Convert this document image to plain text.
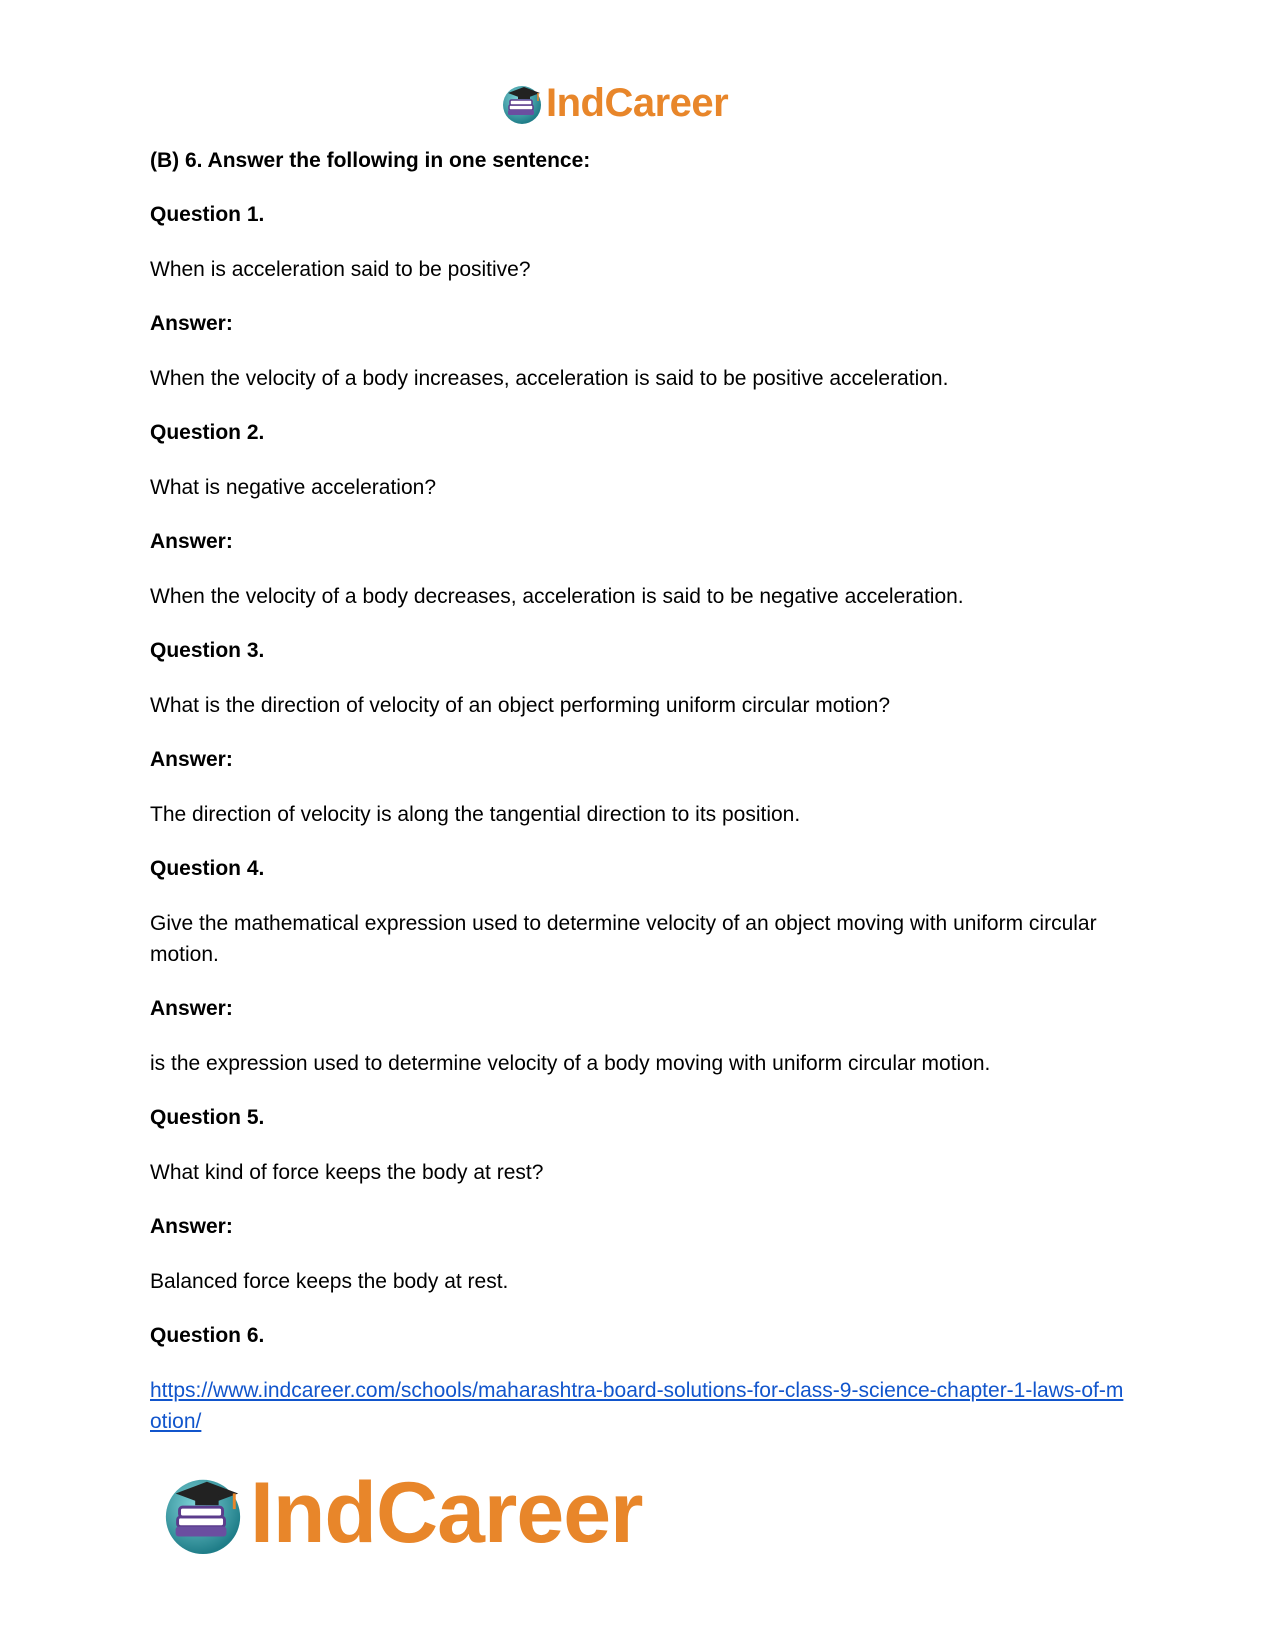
IndCareer

(B) 6. Answer the following in one sentence:

Question 1.

When is acceleration said to be positive?

Answer:

When the velocity of a body increases, acceleration is said to be positive acceleration.

Question 2.

What is negative acceleration?

Answer:

When the velocity of a body decreases, acceleration is said to be negative acceleration.

Question 3.

What is the direction of velocity of an object performing uniform circular motion?

Answer:

The direction of velocity is along the tangential direction to its position.

Question 4.

Give the mathematical expression used to determine velocity of an object moving with uniform circular motion.

Answer:

is the expression used to determine velocity of a body moving with uniform circular motion.

Question 5.

What kind of force keeps the body at rest?

Answer:

Balanced force keeps the body at rest.

Question 6.

https://www.indcareer.com/schools/maharashtra-board-solutions-for-class-9-science-chapter-1-laws-of-motion/
IndCareer
